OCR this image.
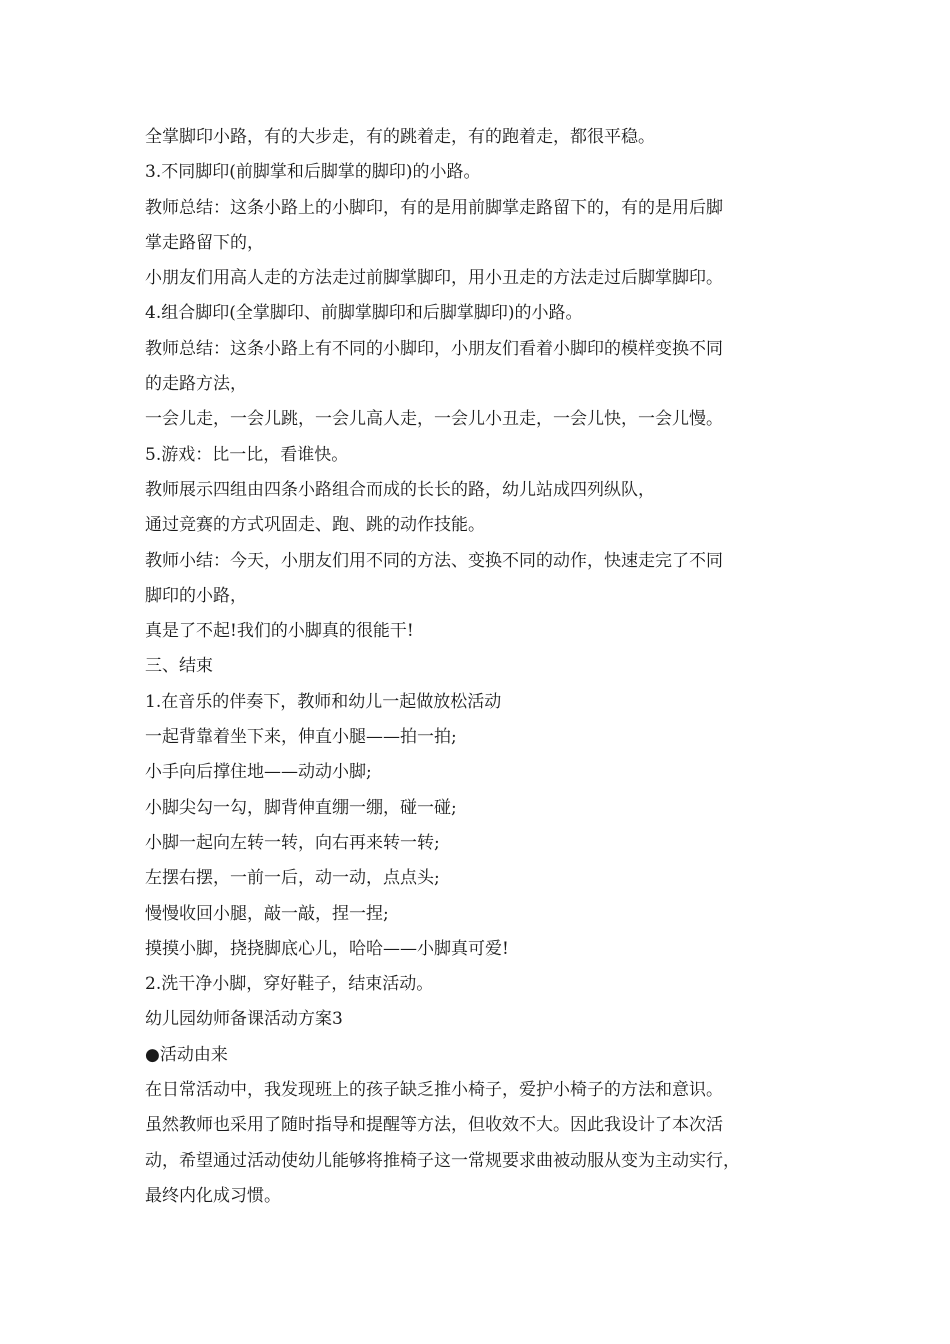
全掌脚印小路，有的大步走，有的跳着走，有的跑着走，都很平稳。

3.不同脚印(前脚掌和后脚掌的脚印)的小路。

教师总结：这条小路上的小脚印，有的是用前脚掌走路留下的，有的是用后脚

掌走路留下的，

小朋友们用高人走的方法走过前脚掌脚印，用小丑走的方法走过后脚掌脚印。

4.组合脚印(全掌脚印、前脚掌脚印和后脚掌脚印)的小路。

教师总结：这条小路上有不同的小脚印，小朋友们看着小脚印的模样变换不同

的走路方法，

一会儿走，一会儿跳，一会儿高人走，一会儿小丑走，一会儿快，一会儿慢。

5.游戏：比一比，看谁快。

教师展示四组由四条小路组合而成的长长的路，幼儿站成四列纵队，

通过竞赛的方式巩固走、跑、跳的动作技能。

教师小结：今天，小朋友们用不同的方法、变换不同的动作，快速走完了不同

脚印的小路，

真是了不起!我们的小脚真的很能干!

三、结束

1.在音乐的伴奏下，教师和幼儿一起做放松活动

一起背靠着坐下来，伸直小腿——拍一拍;

小手向后撑住地——动动小脚;

小脚尖勾一勾，脚背伸直绷一绷，碰一碰;

小脚一起向左转一转，向右再来转一转;

左摆右摆，一前一后，动一动，点点头;

慢慢收回小腿，敲一敲，捏一捏;

摸摸小脚，挠挠脚底心儿，哈哈——小脚真可爱!

2.洗干净小脚，穿好鞋子，结束活动。

幼儿园幼师备课活动方案3

●活动由来

在日常活动中，我发现班上的孩子缺乏推小椅子，爱护小椅子的方法和意识。

虽然教师也采用了随时指导和提醒等方法，但收效不大。因此我设计了本次活

动，希望通过活动使幼儿能够将推椅子这一常规要求曲被动服从变为主动实行，

最终内化成习惯。
